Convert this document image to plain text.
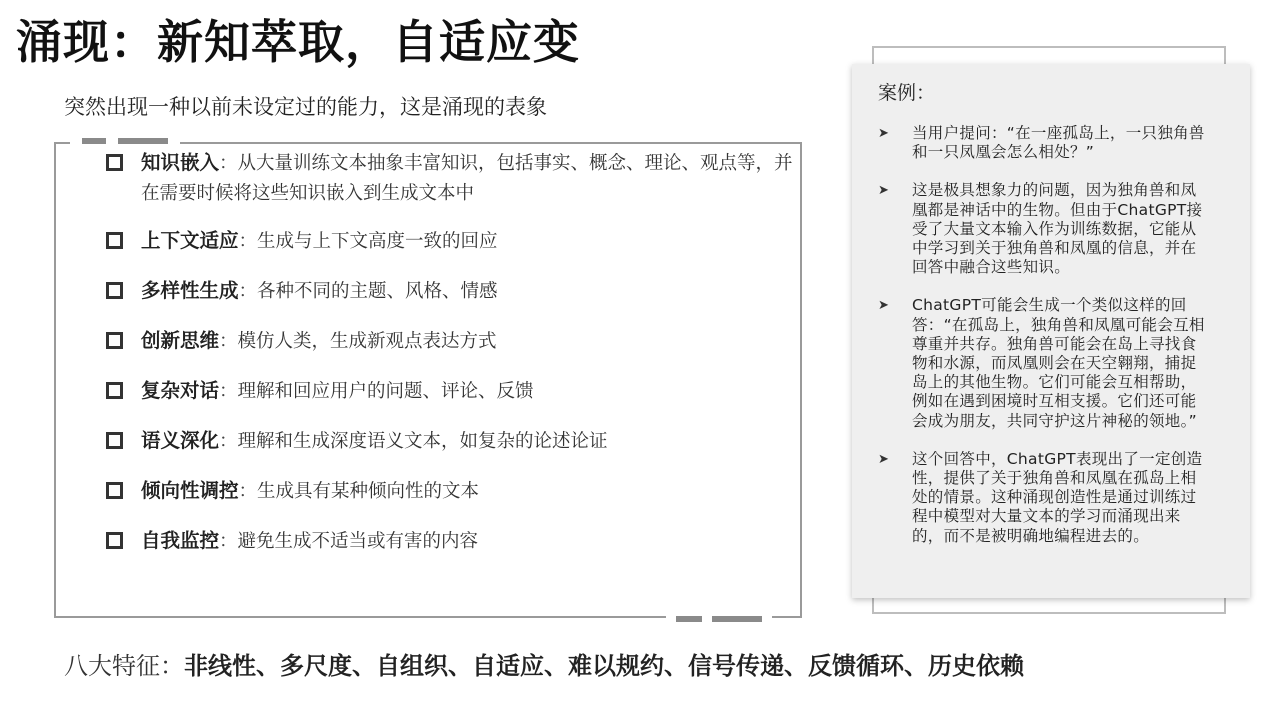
涌现：新知萃取，自适应变
突然出现一种以前未设定过的能力，这是涌现的表象
知识嵌入：从大量训练文本抽象丰富知识，包括事实、概念、理论、观点等，并在需要时候将这些知识嵌入到生成文本中
上下文适应：生成与上下文高度一致的回应
多样性生成：各种不同的主题、风格、情感
创新思维：模仿人类，生成新观点表达方式
复杂对话：理解和回应用户的问题、评论、反馈
语义深化：理解和生成深度语义文本，如复杂的论述论证
倾向性调控：生成具有某种倾向性的文本
自我监控：避免生成不适当或有害的内容
案例：
➤ 当用户提问：“在一座孤岛上，一只独角兽和一只凤凰会怎么相处？”
➤ 这是极具想象力的问题，因为独角兽和凤凰都是神话中的生物。但由于ChatGPT接受了大量文本输入作为训练数据，它能从中学习到关于独角兽和凤凰的信息，并在回答中融合这些知识。
➤ ChatGPT可能会生成一个类似这样的回答：“在孤岛上，独角兽和凤凰可能会互相尊重并共存。独角兽可能会在岛上寻找食物和水源，而凤凰则会在天空翱翔，捕捉岛上的其他生物。它们可能会互相帮助，例如在遇到困境时互相支援。它们还可能会成为朋友，共同守护这片神秘的领地。”
➤ 这个回答中，ChatGPT表现出了一定创造性，提供了关于独角兽和凤凰在孤岛上相处的情景。这种涌现创造性是通过训练过程中模型对大量文本的学习而涌现出来的，而不是被明确地编程进去的。
八大特征：非线性、多尺度、自组织、自适应、难以规约、信号传递、反馈循环、历史依赖
